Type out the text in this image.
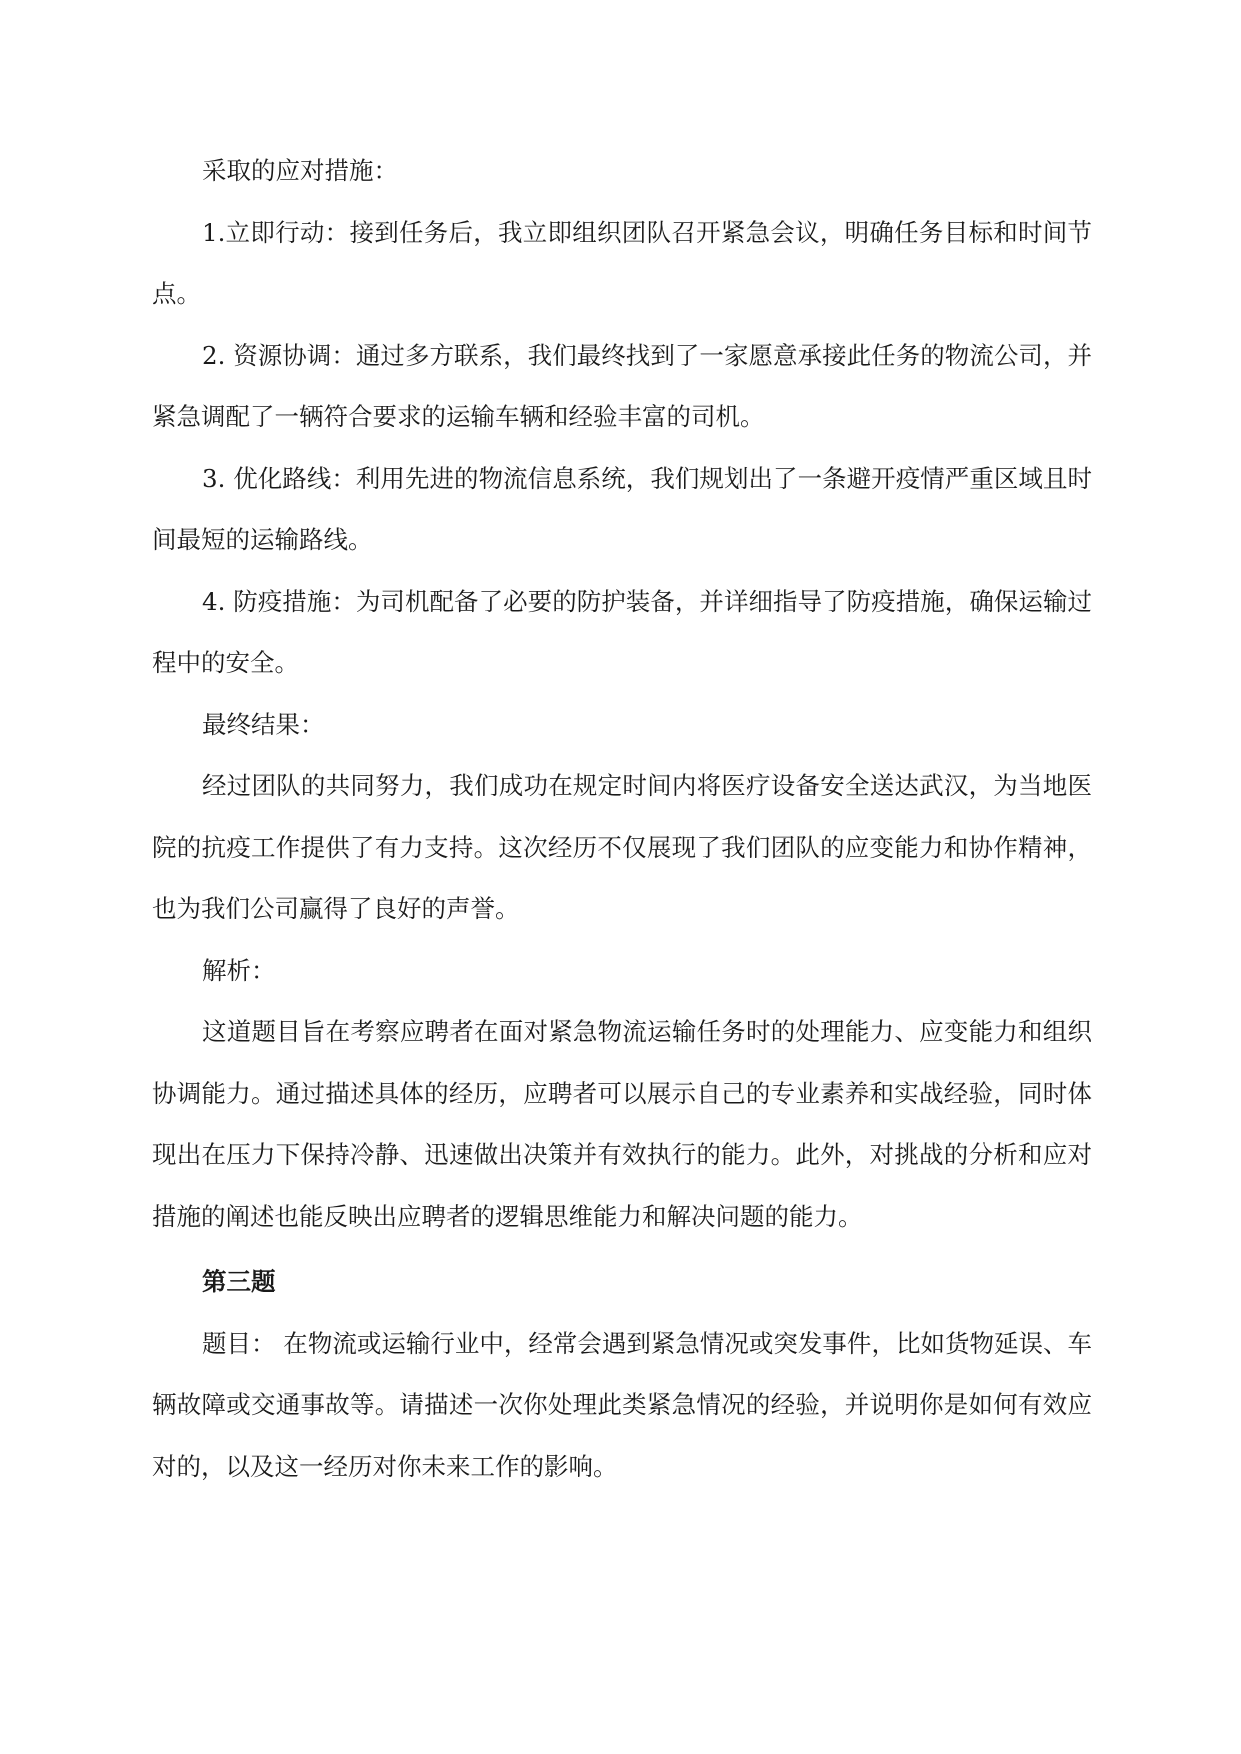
采取的应对措施：

1.立即行动：接到任务后，我立即组织团队召开紧急会议，明确任务目标和时间节点。

2. 资源协调：通过多方联系，我们最终找到了一家愿意承接此任务的物流公司，并紧急调配了一辆符合要求的运输车辆和经验丰富的司机。

3. 优化路线：利用先进的物流信息系统，我们规划出了一条避开疫情严重区域且时间最短的运输路线。

4. 防疫措施：为司机配备了必要的防护装备，并详细指导了防疫措施，确保运输过程中的安全。

最终结果：

经过团队的共同努力，我们成功在规定时间内将医疗设备安全送达武汉，为当地医院的抗疫工作提供了有力支持。这次经历不仅展现了我们团队的应变能力和协作精神，也为我们公司赢得了良好的声誉。

解析：

这道题目旨在考察应聘者在面对紧急物流运输任务时的处理能力、应变能力和组织协调能力。通过描述具体的经历，应聘者可以展示自己的专业素养和实战经验，同时体现出在压力下保持冷静、迅速做出决策并有效执行的能力。此外，对挑战的分析和应对措施的阐述也能反映出应聘者的逻辑思维能力和解决问题的能力。

第三题

题目： 在物流或运输行业中，经常会遇到紧急情况或突发事件，比如货物延误、车辆故障或交通事故等。请描述一次你处理此类紧急情况的经验，并说明你是如何有效应对的，以及这一经历对你未来工作的影响。
